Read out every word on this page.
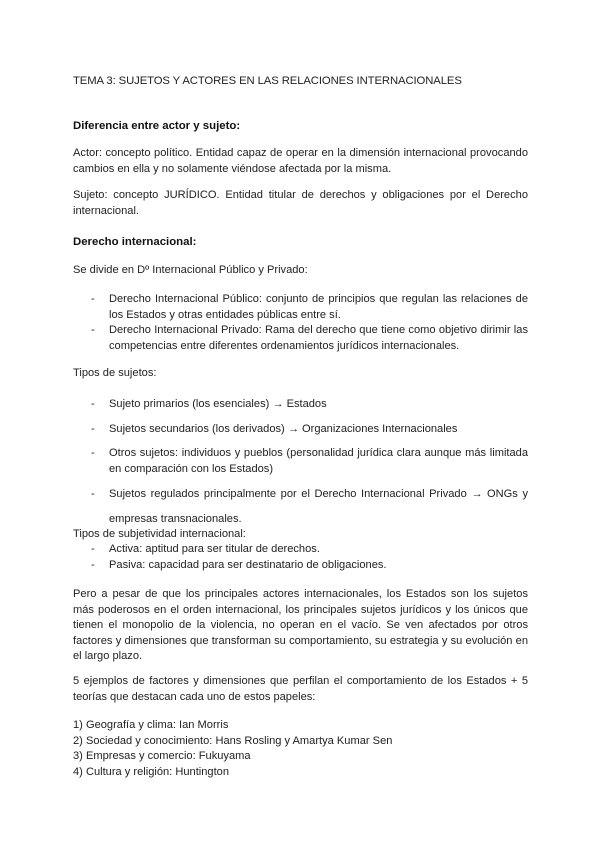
TEMA 3: SUJETOS Y ACTORES EN LAS RELACIONES INTERNACIONALES

Diferencia entre actor y sujeto:

Actor: concepto político. Entidad capaz de operar en la dimensión internacional provocando cambios en ella y no solamente viéndose afectada por la misma.

Sujeto: concepto JURÍDICO. Entidad titular de derechos y obligaciones por el Derecho internacional.

Derecho internacional:

Se divide en Dº Internacional Público y Privado:

- Derecho Internacional Público: conjunto de principios que regulan las relaciones de los Estados y otras entidades públicas entre sí.
- Derecho Internacional Privado: Rama del derecho que tiene como objetivo dirimir las competencias entre diferentes ordenamientos jurídicos internacionales.

Tipos de sujetos:

- Sujeto primarios (los esenciales) → Estados
- Sujetos secundarios (los derivados) → Organizaciones Internacionales
- Otros sujetos: individuos y pueblos (personalidad jurídica clara aunque más limitada en comparación con los Estados)
- Sujetos regulados principalmente por el Derecho Internacional Privado → ONGs y empresas transnacionales.

Tipos de subjetividad internacional:

- Activa: aptitud para ser titular de derechos.
- Pasiva: capacidad para ser destinatario de obligaciones.

Pero a pesar de que los principales actores internacionales, los Estados son los sujetos más poderosos en el orden internacional, los principales sujetos jurídicos y los únicos que tienen el monopolio de la violencia, no operan en el vacío. Se ven afectados por otros factores y dimensiones que transforman su comportamiento, su estrategia y su evolución en el largo plazo.

5 ejemplos de factores y dimensiones que perfilan el comportamiento de los Estados + 5 teorías que destacan cada uno de estos papeles:

1) Geografía y clima: Ian Morris
2) Sociedad y conocimiento: Hans Rosling y Amartya Kumar Sen
3) Empresas y comercio: Fukuyama
4) Cultura y religión: Huntington
